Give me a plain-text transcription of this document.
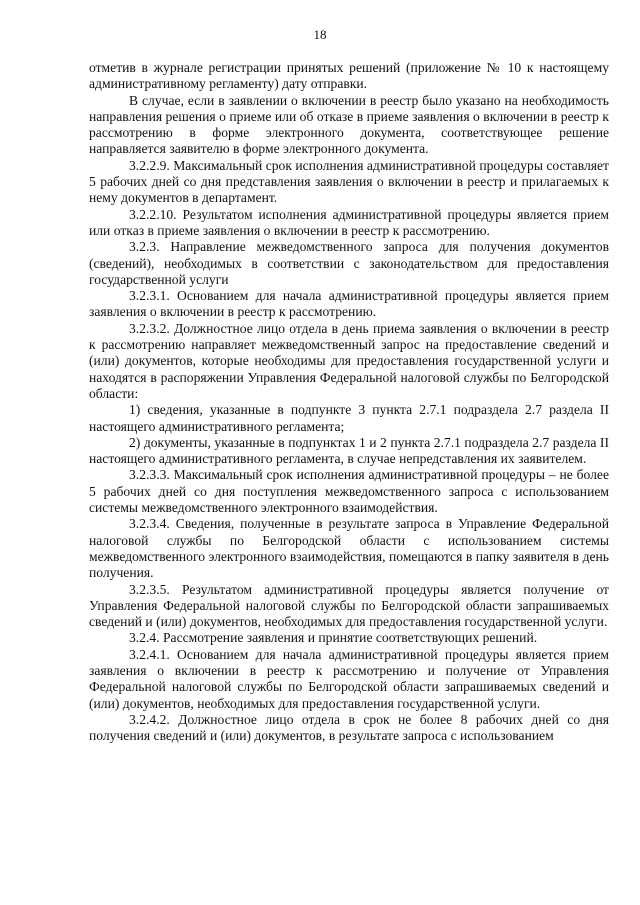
18

отметив в журнале регистрации принятых решений (приложение № 10 к настоящему административному регламенту) дату отправки.

В случае, если в заявлении о включении в реестр было указано на необходимость направления решения о приеме или об отказе в приеме заявления о включении в реестр к рассмотрению в форме электронного документа, соответствующее решение направляется заявителю в форме электронного документа.

3.2.2.9. Максимальный срок исполнения административной процедуры составляет 5 рабочих дней со дня представления заявления о включении в реестр и прилагаемых к нему документов в департамент.

3.2.2.10. Результатом исполнения административной процедуры является прием или отказ в приеме заявления о включении в реестр к рассмотрению.

3.2.3. Направление межведомственного запроса для получения документов (сведений), необходимых в соответствии с законодательством для предоставления государственной услуги

3.2.3.1. Основанием для начала административной процедуры является прием заявления о включении в реестр к рассмотрению.

3.2.3.2. Должностное лицо отдела в день приема заявления о включении в реестр к рассмотрению направляет межведомственный запрос на предоставление сведений и (или) документов, которые необходимы для предоставления государственной услуги и находятся в распоряжении Управления Федеральной налоговой службы по Белгородской области:

1) сведения, указанные в подпункте 3 пункта 2.7.1 подраздела 2.7 раздела II настоящего административного регламента;

2) документы, указанные в подпунктах 1 и 2 пункта 2.7.1 подраздела 2.7 раздела II настоящего административного регламента, в случае непредставления их заявителем.

3.2.3.3. Максимальный срок исполнения административной процедуры – не более 5 рабочих дней со дня поступления межведомственного запроса с использованием системы межведомственного электронного взаимодействия.

3.2.3.4. Сведения, полученные в результате запроса в Управление Федеральной налоговой службы по Белгородской области с использованием системы межведомственного электронного взаимодействия, помещаются в папку заявителя в день получения.

3.2.3.5. Результатом административной процедуры является получение от Управления Федеральной налоговой службы по Белгородской области запрашиваемых сведений и (или) документов, необходимых для предоставления государственной услуги.

3.2.4. Рассмотрение заявления и принятие соответствующих решений.

3.2.4.1. Основанием для начала административной процедуры является прием заявления о включении в реестр к рассмотрению и получение от Управления Федеральной налоговой службы по Белгородской области запрашиваемых сведений и (или) документов, необходимых для предоставления государственной услуги.

3.2.4.2. Должностное лицо отдела в срок не более 8 рабочих дней со дня получения сведений и (или) документов, в результате запроса с использованием
